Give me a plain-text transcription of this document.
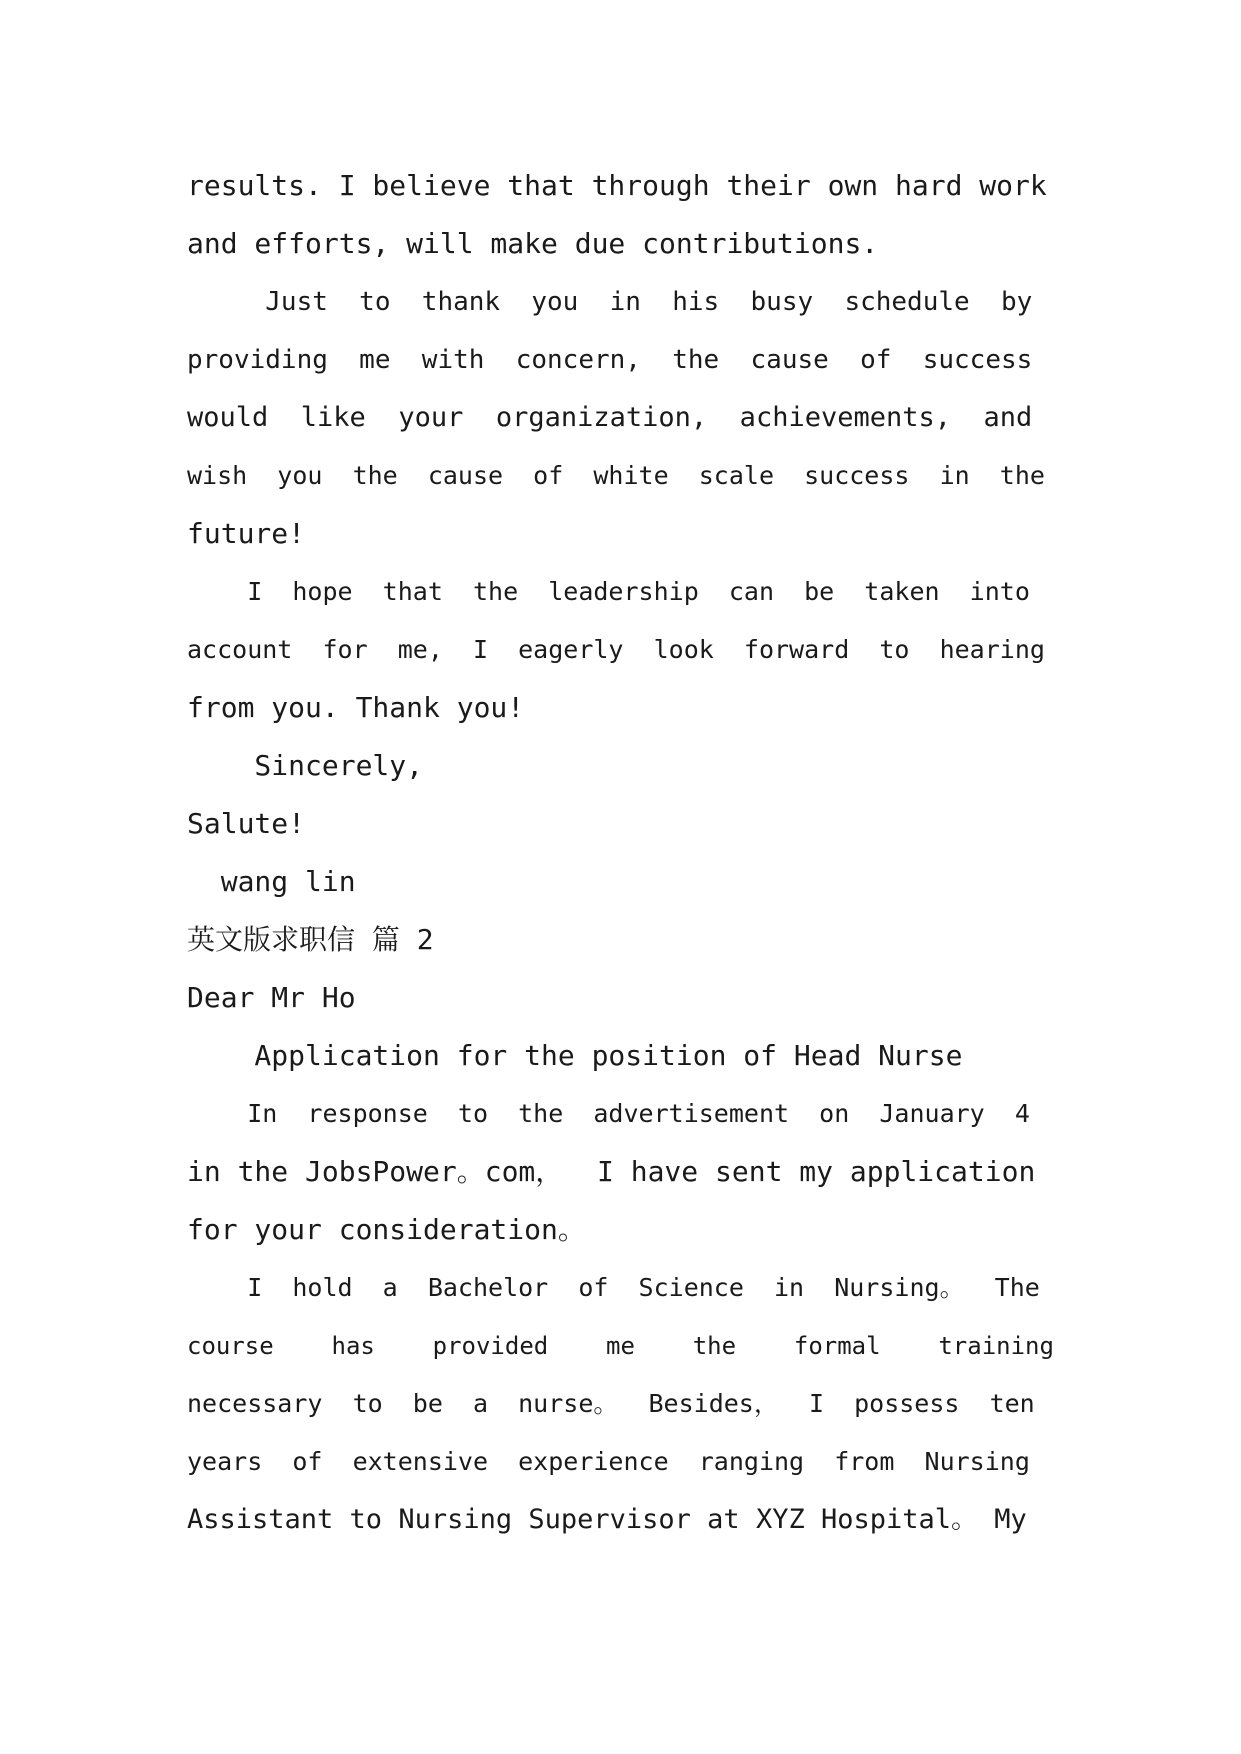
results. I believe that through their own hard work
and efforts, will make due contributions.
Just  to  thank  you  in  his  busy  schedule  by
providing  me  with  concern,  the  cause  of  success
would  like  your  organization,  achievements,  and
wish  you  the  cause  of  white  scale  success  in  the
future!
I  hope  that  the  leadership  can  be  taken  into
account  for  me,  I  eagerly  look  forward  to  hearing
from you. Thank you!
Sincerely,
Salute!
wang lin
英文版求职信 篇 2
Dear Mr Ho
Application for the position of Head Nurse
In  response  to  the  advertisement  on  January  4
in the JobsPower。com，  I have sent my application
for your consideration。
I  hold  a  Bachelor  of  Science  in  Nursing。  The
course    has    provided    me    the    formal    training
necessary  to  be  a  nurse。  Besides，  I  possess  ten
years  of  extensive  experience  ranging  from  Nursing
Assistant to Nursing Supervisor at XYZ Hospital。 My
